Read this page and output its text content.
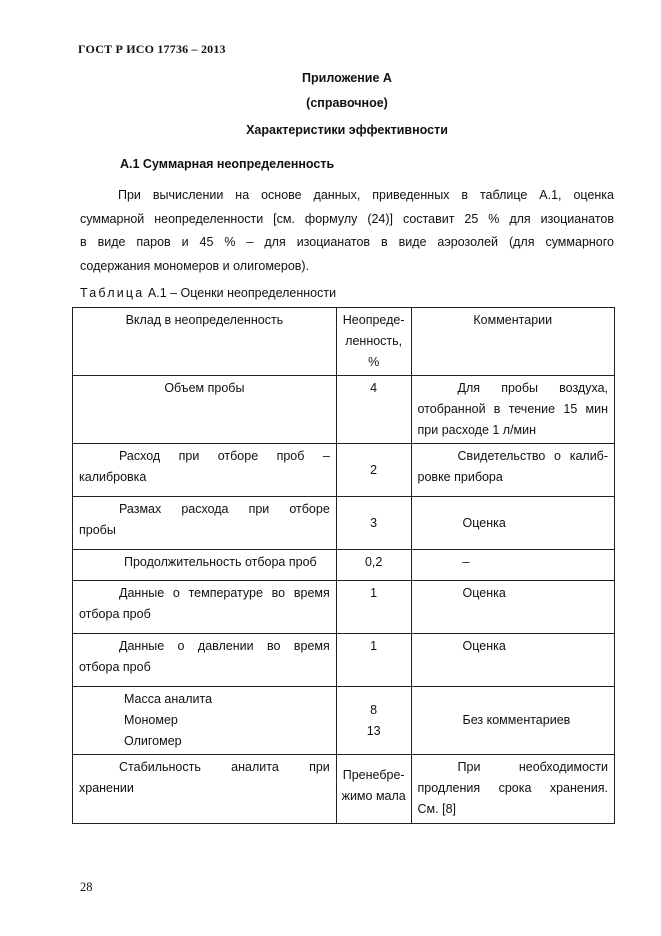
ГОСТ Р ИСО 17736 – 2013
Приложение А
(справочное)
Характеристики эффективности
А.1 Суммарная неопределенность
При вычислении на основе данных, приведенных в таблице А.1, оценка
суммарной неопределенности [см. формулу (24)] составит 25 % для изоцианатов
в виде паров и 45 % – для изоцианатов в виде аэрозолей (для суммарного
содержания мономеров и олигомеров).
Таблица А.1 – Оценки неопределенности
Вклад в неопределенность	Неопреде-
ленность,
%	Комментарии

Объем пробы	4	Для пробы воздуха,
отобранной в течение 15 мин
при расходе 1 л/мин

Расход при отборе проб –
калибровка	2	Свидетельство о калиб-
ровке прибора

Размах расхода при отборе
пробы	3	Оценка

Продолжительность отбора проб	0,2	–

Данные о температуре во время
отбора проб	1	Оценка

Данные о давлении во время
отбора проб	1	Оценка

Масса аналита
Мономер
Олигомер	8
13	Без комментариев

Стабильность аналита при
хранении	Пренебре-
жимо мала	При необходимости
продления срока хранения.
См. [8]
28
